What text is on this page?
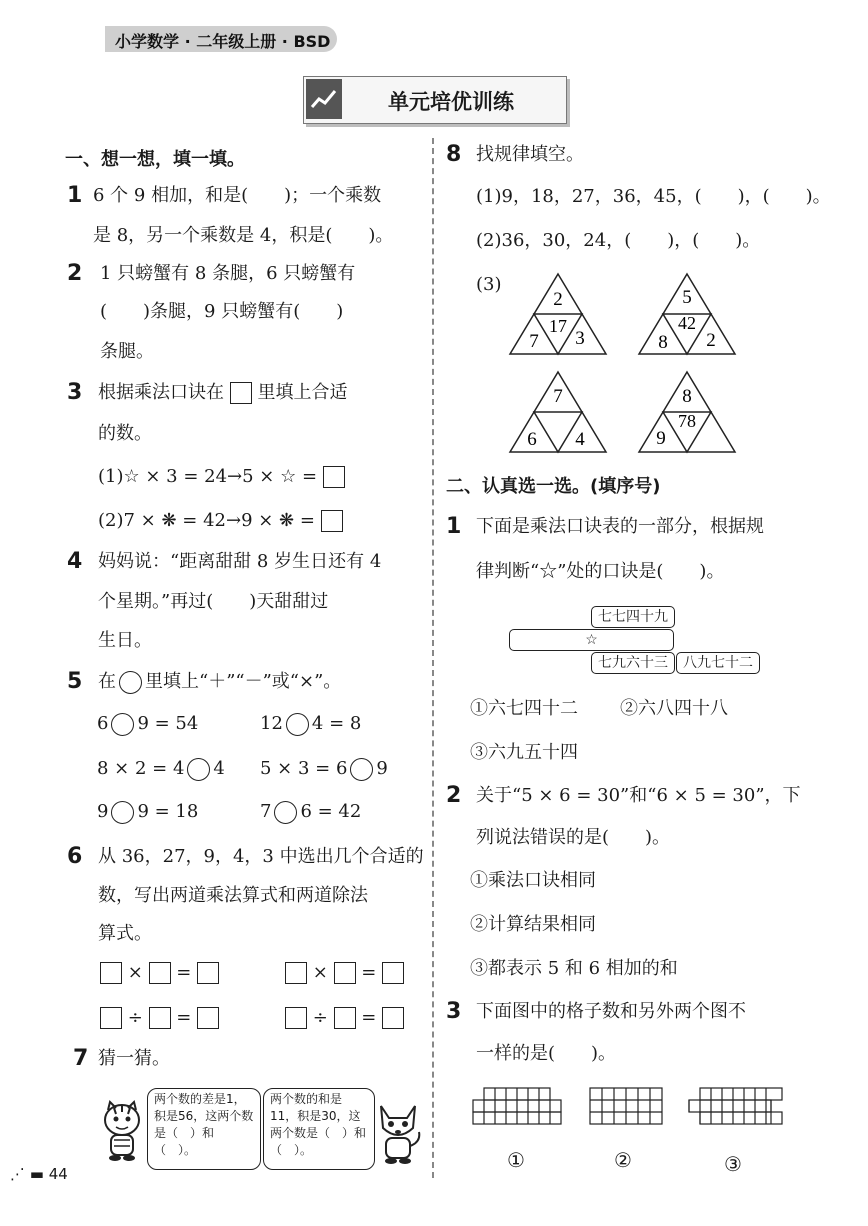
小学数学 · 二年级上册 · BSD
单元培优训练
一、想一想，填一填。
1 6 个 9 相加，和是(　　)；一个乘数
是 8，另一个乘数是 4，积是(　　)。
2 1 只螃蟹有 8 条腿，6 只螃蟹有
(　　)条腿，9 只螃蟹有(　　)
条腿。
3 根据乘法口诀在 里填上合适
的数。
(1)☆ × 3 = 24→5 × ☆ =
(2)7 × ❋ = 42→9 × ❋ =
4 妈妈说：“距离甜甜 8 岁生日还有 4
个星期。”再过(　　)天甜甜过
生日。
5 在 里填上“＋”“－”或“×”。
6 9 = 54	12 4 = 8
8 × 2 = 4 4 5 × 3 = 6 9
9 9 = 18	7 6 = 42
6 从 36，27，9，4，3 中选出几个合适的
数，写出两道乘法算式和两道除法
算式。
× =	× =
÷ =	÷ =
7 猜一猜。
两个数的差是1，积是56，这两个数是（　）和（　）。
两个数的和是11，积是30，这两个数是（　）和（　）。
⋰ ▬ 44
8 找规律填空。
(1)9，18，27，36，45，(　　)，(　　)。
(2)36，30，24，(　　)，(　　)。
(3)
2
17
7 3
5
42
8 2
7
6 4
8
78
9
二、认真选一选。(填序号)
1 下面是乘法口诀表的一部分，根据规
律判断“☆”处的口诀是(　　)。
七七四十九
☆
七九六十三	八九七十二
①六七四十二 ②六八四十八
③六九五十四
2 关于“5 × 6 = 30”和“6 × 5 = 30”，下
列说法错误的是(　　)。
①乘法口诀相同
②计算结果相同
③都表示 5 和 6 相加的和
3 下面图中的格子数和另外两个图不
一样的是(　　)。
①	②	③
